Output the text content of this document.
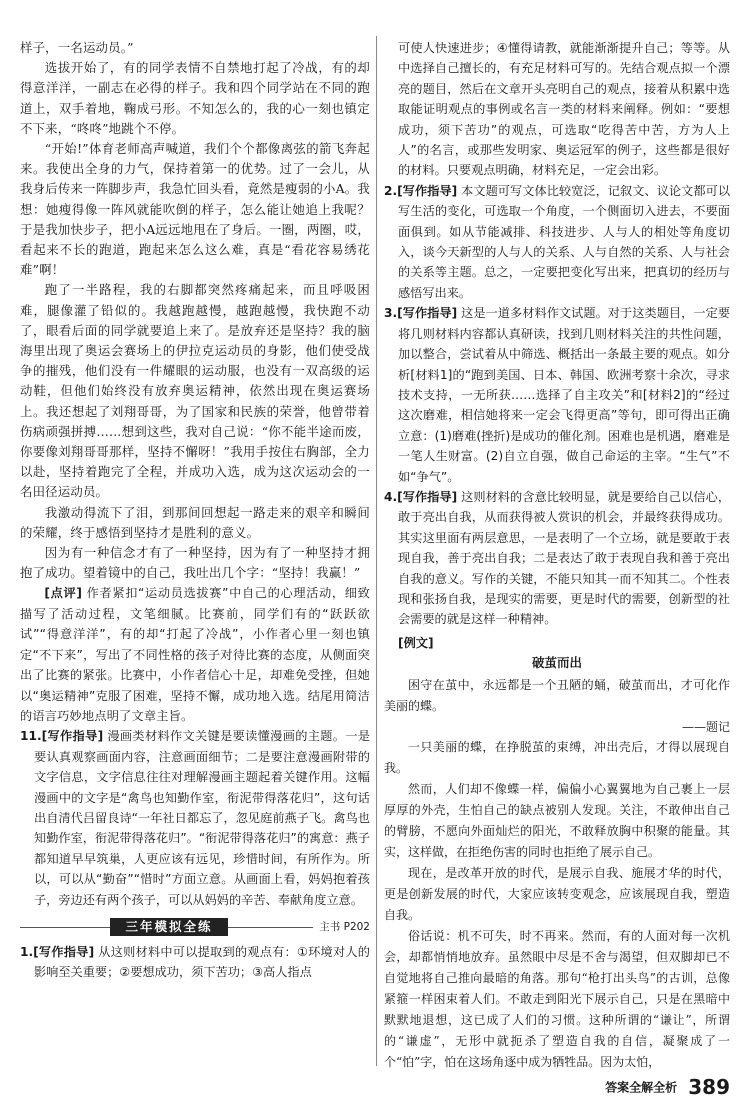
样子，一名运动员。”

选拔开始了，有的同学表情不自禁地打起了冷战，有的却得意洋洋，一副志在必得的样子。我和四个同学站在不同的跑道上，双手着地，鞠成弓形。不知怎么的，我的心一刻也镇定不下来，“咚咚”地跳个不停。

“开始!”体育老师高声喊道，我们个个都像离弦的箭飞奔起来。我使出全身的力气，保持着第一的优势。过了一会儿，从我身后传来一阵脚步声，我急忙回头看，竟然是瘦弱的小A。我想：她瘦得像一阵风就能吹倒的样子，怎么能让她追上我呢？于是我加快步子，把小A远远地甩在了身后。一圈，两圈，哎，看起来不长的跑道，跑起来怎么这么难，真是“看花容易绣花难”啊！

跑了一半路程，我的右脚都突然疼痛起来，而且呼吸困难，腿像灌了铅似的。我越跑越慢，越跑越慢，我快跑不动了，眼看后面的同学就要追上来了。是放弃还是坚持？我的脑海里出现了奥运会赛场上的伊拉克运动员的身影，他们使受战争的摧残，他们没有一件耀眼的运动服，也没有一双高级的运动鞋，但他们始终没有放弃奥运精神，依然出现在奥运赛场上。我还想起了刘翔哥哥，为了国家和民族的荣誉，他曾带着伤病顽强拼搏……想到这些，我对自己说：“你不能半途而废，你要像刘翔哥哥那样，坚持不懈呀！”我用手按住右胸部，全力以赴，坚持着跑完了全程，并成功入选，成为这次运动会的一名田径运动员。

我激动得流下了泪，到那间回想起一路走来的艰辛和瞬间的荣耀，终于感悟到坚持才是胜利的意义。

因为有一种信念才有了一种坚持，因为有了一种坚持才拥抱了成功。望着镜中的自己，我吐出几个字：“坚持！我赢！”

[点评] 作者紧扣“运动员选拔赛”中自己的心理活动，细致描写了活动过程，文笔细腻。比赛前，同学们有的“跃跃欲试”“得意洋洋”，有的却“打起了冷战”，小作者心里一刻也镇定“不下来”，写出了不同性格的孩子对待比赛的态度，从侧面突出了比赛的紧张。比赛中，小作者信心十足，却难免受挫，但她以“奥运精神”克服了困难，坚持不懈，成功地入选。结尾用简洁的语言巧妙地点明了文章主旨。

11.[写作指导] 漫画类材料作文关键是要读懂漫画的主题。一是要认真观察画面内容，注意画面细节；二是要注意漫画附带的文字信息，文字信息往往对理解漫画主题起着关键作用。这幅漫画中的文字是“禽鸟也知勤作室，衔泥带得落花归”，这句话出自清代吕留良诗“一年社日都忘了，忽见庭前燕子飞。禽鸟也知勤作室，衔泥带得落花归”。“衔泥带得落花归”的寓意：燕子都知道早早筑巢，人更应该有远见，珍惜时间，有所作为。所以，可以从“勤奋”“惜时”方面立意。从画面上看，妈妈抱着孩子，旁边还有两个孩子，可以从妈妈的辛苦、奉献角度立意。

三年模拟全练	主书 P202

1.[写作指导] 从这则材料中可以提取到的观点有：①环境对人的影响至关重要；②要想成功，须下苦功；③高人指点

可使人快速进步；④懂得请教，就能渐渐提升自己；等等。从中选择自己擅长的，有充足材料可写的。先结合观点拟一个漂亮的题目，然后在文章开头亮明自己的观点，接着从积累中选取能证明观点的事例或名言一类的材料来阐释。例如：“要想成功，须下苦功”的观点，可选取“吃得苦中苦，方为人上人”的名言，或那些发明家、奥运冠军的例子，这些都是很好的材料。只要观点明确，材料充足，一定会出彩。

2.[写作指导] 本文题可写文体比较宽泛，记叙文、议论文都可以写生活的变化，可选取一个角度，一个侧面切入进去，不要面面俱到。如从节能减排、科技进步、人与人的相处等角度切入，谈今天新型的人与人的关系、人与自然的关系、人与社会的关系等主题。总之，一定要把变化写出来，把真切的经历与感悟写出来。

3.[写作指导] 这是一道多材料作文试题。对于这类题目，一定要将几则材料内容都认真研读，找到几则材料关注的共性问题，加以整合，尝试着从中筛选、概括出一条最主要的观点。如分析[材料1]的“跑到美国、日本、韩国、欧洲考察十余次，寻求技术支持，一无所获……选择了自主攻关”和[材料2]的“经过这次磨难，相信她将来一定会飞得更高”等句，即可得出正确立意：(1)磨难(挫折)是成功的催化剂。困难也是机遇，磨难是一笔人生财富。(2)自立自强，做自己命运的主宰。“生气”不如“争气”。

4.[写作指导] 这则材料的含意比较明显，就是要给自己以信心，敢于亮出自我，从而获得被人赏识的机会，并最终获得成功。其实这里面有两层意思，一是表明了一个立场，就是要敢于表现自我，善于亮出自我；二是表达了敢于表现自我和善于亮出自我的意义。写作的关键，不能只知其一而不知其二。个性表现和张扬自我，是现实的需要，更是时代的需要，创新型的社会需要的就是这样一种精神。

[例文]
破茧而出

困守在茧中，永远都是一个丑陋的蛹，破茧而出，才可化作美丽的蝶。

——题记

一只美丽的蝶，在挣脱茧的束缚，冲出壳后，才得以展现自我。

然而，人们却不像蝶一样，偏偏小心翼翼地为自己裹上一层厚厚的外壳，生怕自己的缺点被别人发现。关注，不敢伸出自己的臂膀，不愿向外面灿烂的阳光，不敢释放胸中积聚的能量。其实，这样做，在拒绝伤害的同时也拒绝了展示自己。

现在，是改革开放的时代，是展示自我、施展才华的时代，更是创新发展的时代，大家应该转变观念，应该展现自我，塑造自我。

俗话说：机不可失，时不再来。然而，有的人面对每一次机会，却都悄悄地放弃。虽然眼中尽是不舍与渴望，但双脚却已不自觉地将自己推向最暗的角落。那句“枪打出头鸟”的古训，总像紧箍一样困束着人们。不敢走到阳光下展示自己，只是在黑暗中默默地退想，这已成了人们的习惯。这种所谓的“谦让”，所谓的“谦虚”，无形中就扼杀了塑造自我的自信，凝聚成了一个“怕”字，怕在这场角逐中成为牺牲品。因为太怕，

答案全解全析 389
